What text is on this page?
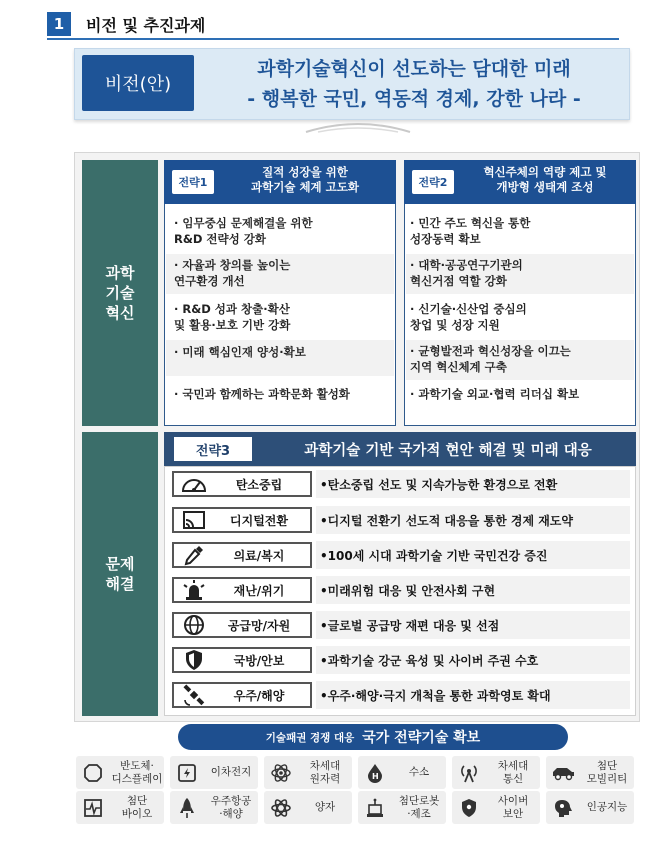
1	비전 및 추진과제
비전(안)
과학기술혁신이 선도하는 담대한 미래
- 행복한 국민, 역동적 경제, 강한 나라 -
과학
기술
혁신
전략1
질적 성장을 위한
과학기술 체계 고도화
· 임무중심 문제해결을 위한
R&D 전략성 강화
· 자율과 창의를 높이는
연구환경 개선
· R&D 성과 창출·확산
및 활용·보호 기반 강화
· 미래 핵심인재 양성·확보
· 국민과 함께하는 과학문화 활성화
전략2
혁신주체의 역량 제고 및
개방형 생태계 조성
· 민간 주도 혁신을 통한
성장동력 확보
· 대학·공공연구기관의
혁신거점 역할 강화
· 신기술·신산업 중심의
창업 및 성장 지원
· 균형발전과 혁신성장을 이끄는
지역 혁신체계 구축
· 과학기술 외교·협력 리더십 확보
문제
해결
전략3	과학기술 기반 국가적 현안 해결 및 미래 대응
탄소중립	•탄소중립 선도 및 지속가능한 환경으로 전환
디지털전환	•디지털 전환기 선도적 대응을 통한 경제 재도약
의료/복지	•100세 시대 과학기술 기반 국민건강 증진
재난/위기	•미래위험 대응 및 안전사회 구현
공급망/자원	•글로벌 공급망 재편 대응 및 선점
국방/안보	•과학기술 강군 육성 및 사이버 주권 수호
우주/해양	•우주·해양·극지 개척을 통한 과학영토 확대
기술패권 경쟁 대응 국가 전략기술 확보
반도체·
디스플레이
이차전지
차세대
원자력	H	수소
차세대
통신
첨단
모빌리티
첨단
바이오
우주항공
·해양
양자
첨단로봇
·제조
사이버
보안
인공지능
